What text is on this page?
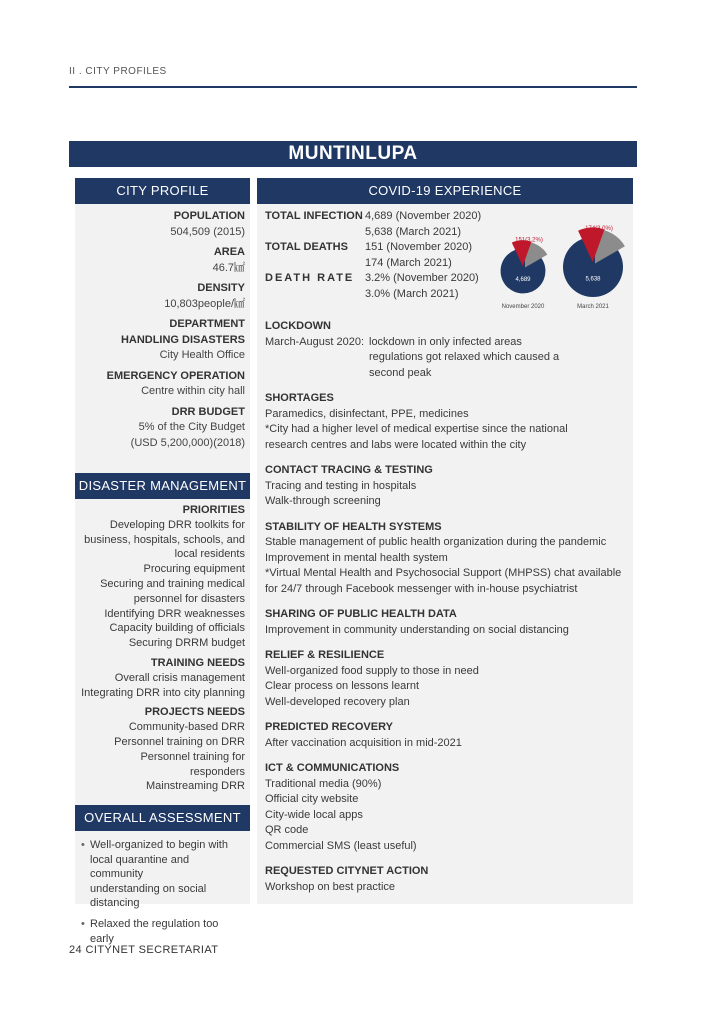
II . CITY PROFILES
MUNTINLUPA
CITY PROFILE
POPULATION
504,509 (2015)
AREA
46.7㎢
DENSITY
10,803people/㎢
DEPARTMENT
HANDLING DISASTERS
City Health Office
EMERGENCY OPERATION
Centre within city hall
DRR BUDGET
5% of the City Budget
(USD 5,200,000)(2018)
DISASTER MANAGEMENT
PRIORITIES
Developing DRR toolkits for
business, hospitals, schools, and
local residents
Procuring equipment
Securing and training medical
personnel for disasters
Identifying DRR weaknesses
Capacity building of officials
Securing DRRM budget
TRAINING NEEDS
Overall crisis management
Integrating DRR into city planning
PROJECTS NEEDS
Community-based DRR
Personnel training on DRR
Personnel training for
responders
Mainstreaming DRR
OVERALL ASSESSMENT
• Well-organized to begin with
local quarantine and community
understanding on social distancing
• Relaxed the regulation too early
COVID-19 EXPERIENCE
TOTAL INFECTION 4,689 (November 2020)
5,638 (March 2021)
TOTAL DEATHS	151 (November 2020)
174 (March 2021)
DEATH RATE 3.2% (November 2020)
3.0% (March 2021)
4,689
151(3.2%)
November 2020
5,638
174(3.0%)
March 2021
LOCKDOWN
March-August 2020: lockdown in only infected areas
regulations got relaxed which caused a
second peak
SHORTAGES
Paramedics, disinfectant, PPE, medicines
*City had a higher level of medical expertise since the national
research centres and labs were located within the city
CONTACT TRACING & TESTING
Tracing and testing in hospitals
Walk-through screening
STABILITY OF HEALTH SYSTEMS
Stable management of public health organization during the pandemic
Improvement in mental health system
*Virtual Mental Health and Psychosocial Support (MHPSS) chat available
for 24/7 through Facebook messenger with in-house psychiatrist
SHARING OF PUBLIC HEALTH DATA
Improvement in community understanding on social distancing
RELIEF & RESILIENCE
Well-organized food supply to those in need
Clear process on lessons learnt
Well-developed recovery plan
PREDICTED RECOVERY
After vaccination acquisition in mid-2021
ICT & COMMUNICATIONS
Traditional media (90%)
Official city website
City-wide local apps
QR code
Commercial SMS (least useful)
REQUESTED CITYNET ACTION
Workshop on best practice
24 CITYNET SECRETARIAT
